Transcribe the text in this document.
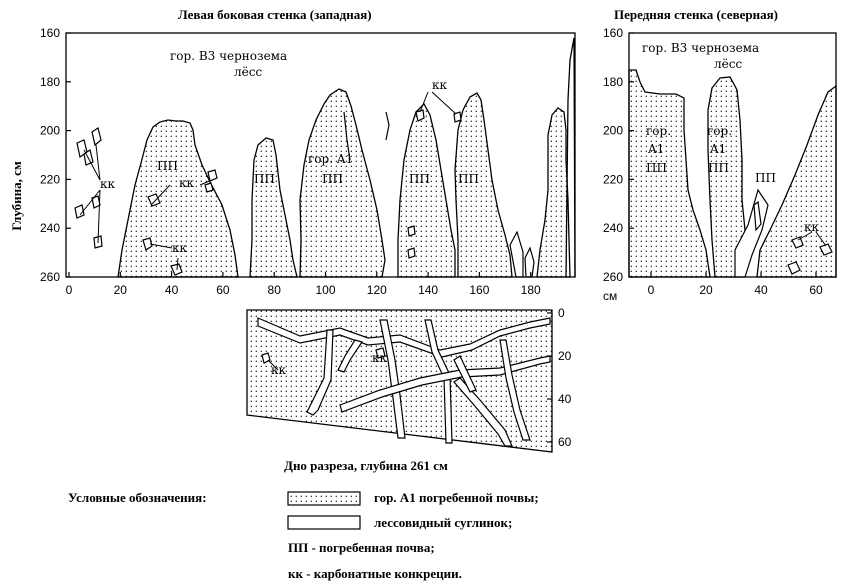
Левая боковая стенка (западная)	Передняя стенка (северная)
Глубина, см
160
180
200
220
240
260
0	20	40	60	80	100	120	140	160	180
гор. B3 чернозема
лёсс
кк	кк
кк
кк
ПП
ПП
гор. A1
ПП	ПП ПП
160
180
200
220
240
260
0	20	40	60
гор. B3 чернозема
лёсс
гор.
A1
ПП
гор.
A1
ПП
ПП
кк
см
0
20
40
60
кк
кк
Дно разреза, глубина 261 см
Условные обозначения:	гор. A1 погребенной почвы;
лессовидный суглинок;
ПП - погребенная почва;
кк - карбонатные конкреции.
